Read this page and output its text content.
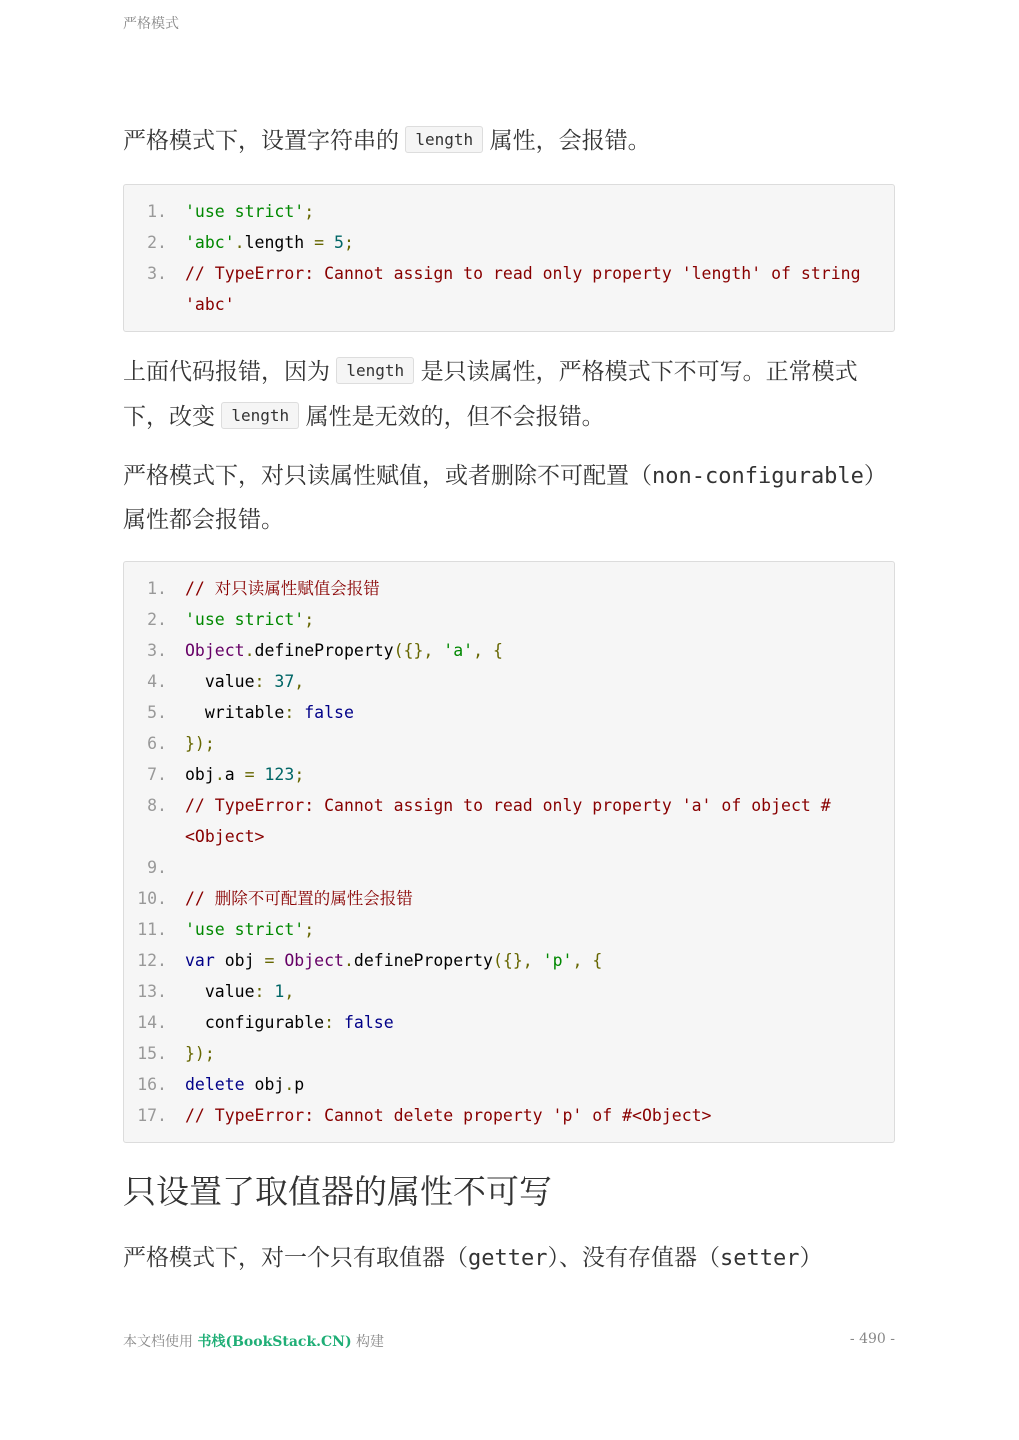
严格模式

严格模式下，设置字符串的 length 属性，会报错。

1. 'use strict';
2. 'abc'.length = 5;
3. // TypeError: Cannot assign to read only property 'length' of string 'abc'

上面代码报错，因为 length 是只读属性，严格模式下不可写。正常模式下，改变 length 属性是无效的，但不会报错。

严格模式下，对只读属性赋值，或者删除不可配置（non-configurable）属性都会报错。

1. // 对只读属性赋值会报错
2. 'use strict';
3. Object.defineProperty({}, 'a', {
4. value: 37,
5. writable: false
6. });
7. obj.a = 123;
8. // TypeError: Cannot assign to read only property 'a' of object #<Object>
9.

10. // 删除不可配置的属性会报错
11. 'use strict';
12. var obj = Object.defineProperty({}, 'p', {
13. value: 1,
14. configurable: false
15. });
16. delete obj.p
17. // TypeError: Cannot delete property 'p' of #<Object>
只设置了取值器的属性不可写

严格模式下，对一个只有取值器（getter）、没有存值器（setter）

本文档使用 书栈(BookStack.CN) 构建	- 490 -
